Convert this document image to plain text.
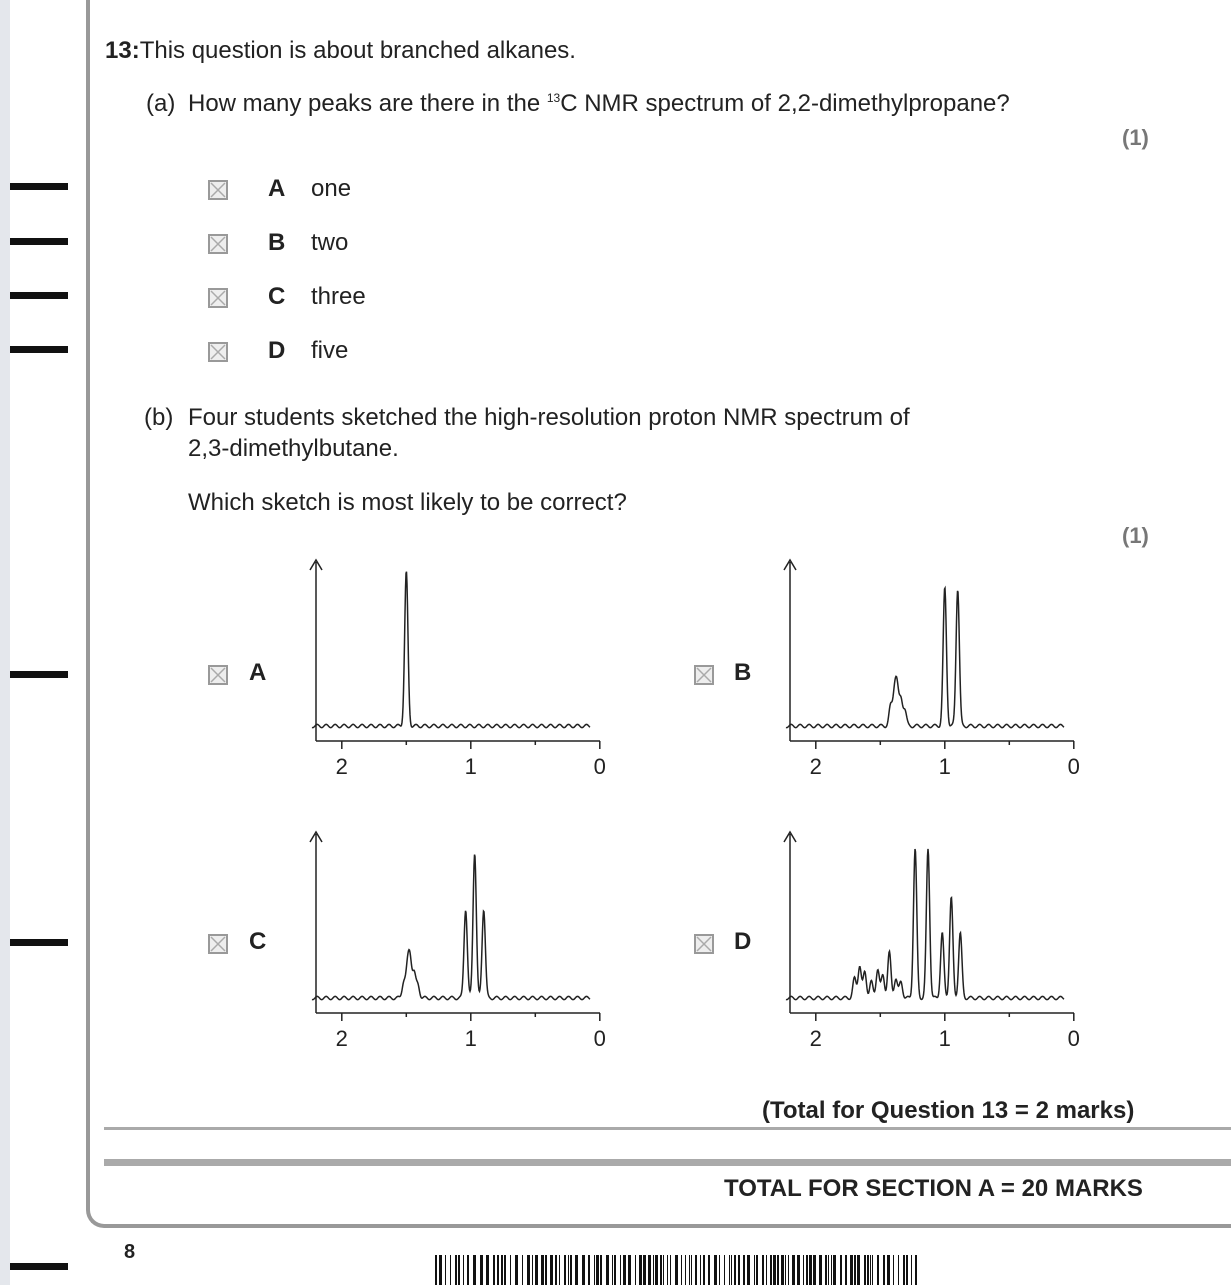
13:This question is about branched alkanes.
(a) How many peaks are there in the $^{13}$C NMR spectrum of 2,2-dimethylpropane?
(1)
A one
B two
C three
D five
(b) Four students sketched the high-resolution proton NMR spectrum of
2,3-dimethylbutane.
Which sketch is most likely to be correct?
(1)
A
2	1	0
B
2	1	0
C
2	1	0
D
2	1	0
(Total for Question 13 = 2 marks)
TOTAL FOR SECTION A = 20 MARKS
8
